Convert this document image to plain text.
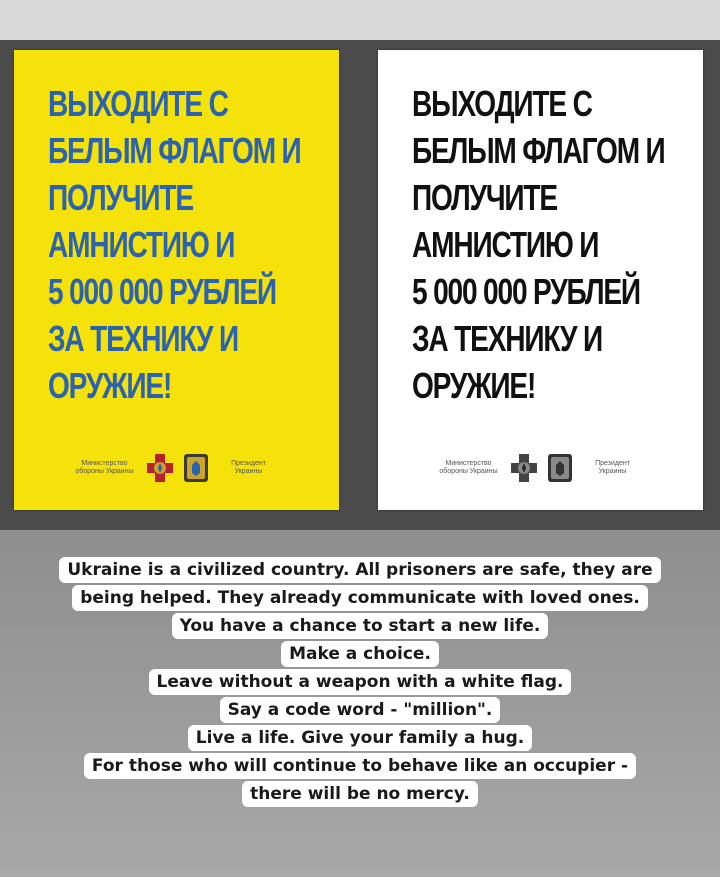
ВЫХОДИТЕ С
БЕЛЫМ ФЛАГОМ И
ПОЛУЧИТЕ
АМНИСТИЮ И
5 000 000 РУБЛЕЙ
ЗА ТЕХНИКУ И
ОРУЖИЕ!
Министерство обороны Украины
Президент Украины
ВЫХОДИТЕ С
БЕЛЫМ ФЛАГОМ И
ПОЛУЧИТЕ
АМНИСТИЮ И
5 000 000 РУБЛЕЙ
ЗА ТЕХНИКУ И
ОРУЖИЕ!
Министерство обороны Украины
Президент Украины

Ukraine is a civilized country. All prisoners are safe, they are being helped. They already communicate with loved ones.

You have a chance to start a new life.

Make a choice.

Leave without a weapon with a white flag.

Say a code word - "million".

Live a life. Give your family a hug.

For those who will continue to behave like an occupier - there will be no mercy.
